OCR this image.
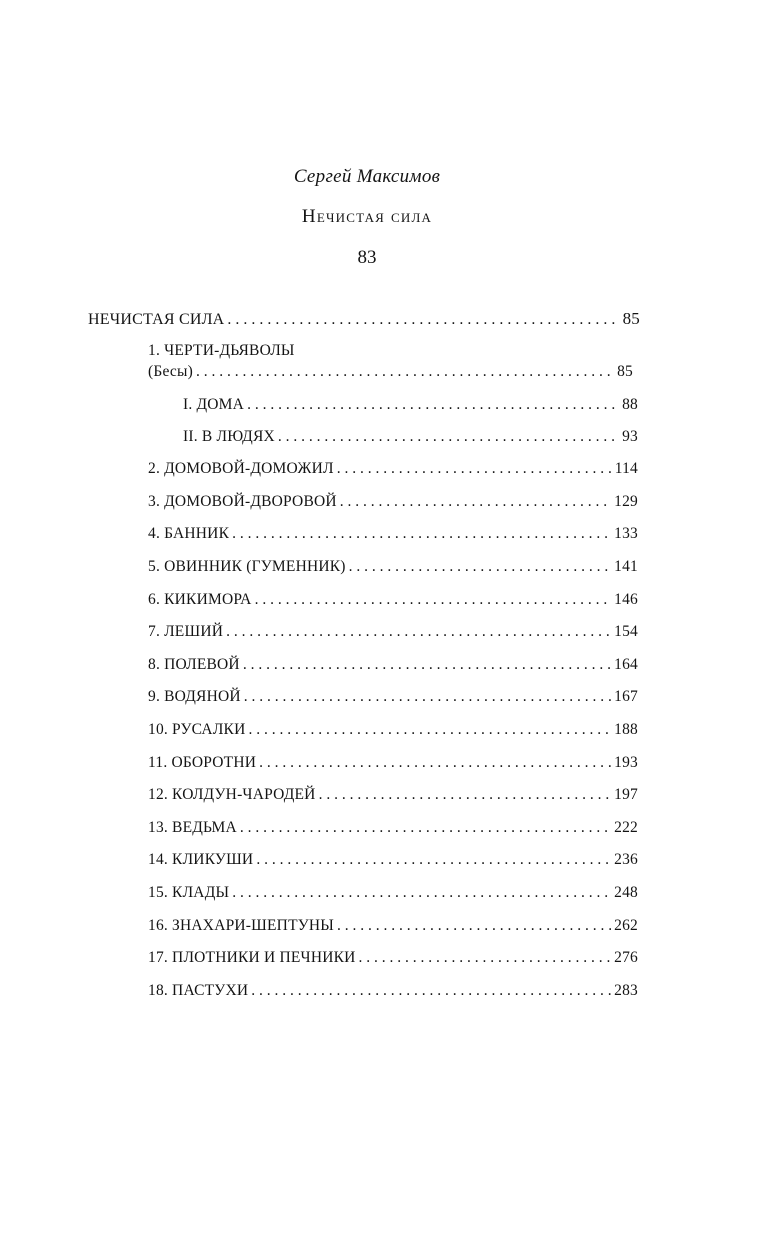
Сергей Максимов
Нечистая сила
83
НЕЧИСТАЯ СИЛА . . .	85
1. ЧЕРТИ-ДЬЯВОЛЫ
(Бесы) . . .	85
I. ДОМА . . .	88
II. В ЛЮДЯХ . . .	93
2. ДОМОВОЙ-ДОМОЖИЛ . . .	114
3. ДОМОВОЙ-ДВОРОВОЙ . . .	129
4. БАННИК . . .	133
5. ОВИННИК (ГУМЕННИК) . . .	141
6. КИКИМОРА . . .	146
7. ЛЕШИЙ . . .	154
8. ПОЛЕВОЙ . . .	164
9. ВОДЯНОЙ . . .	167
10. РУСАЛКИ . . .	188
11. ОБОРОТНИ . . .	193
12. КОЛДУН-ЧАРОДЕЙ . . .	197
13. ВЕДЬМА . . .	222
14. КЛИКУШИ . . .	236
15. КЛАДЫ . . .	248
16. ЗНАХАРИ-ШЕПТУНЫ . . .	262
17. ПЛОТНИКИ И ПЕЧНИКИ . . .	276
18. ПАСТУХИ . . .	283
